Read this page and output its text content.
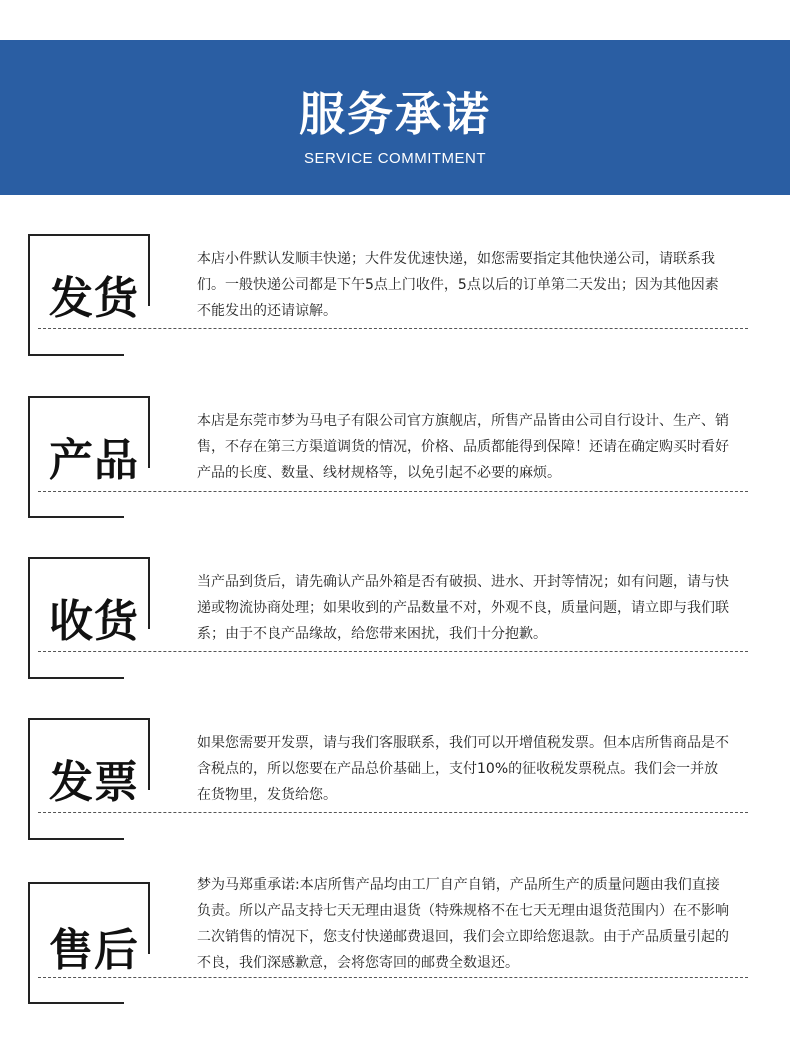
服务承诺
SERVICE COMMITMENT
发货
本店小件默认发顺丰快递；大件发优速快递，如您需要指定其他快递公司，请联系我们。一般快递公司都是下午5点上门收件，5点以后的订单第二天发出；因为其他因素不能发出的还请谅解。
产品
本店是东莞市梦为马电子有限公司官方旗舰店，所售产品皆由公司自行设计、生产、销售，不存在第三方渠道调货的情况，价格、品质都能得到保障！还请在确定购买时看好产品的长度、数量、线材规格等，以免引起不必要的麻烦。
收货
当产品到货后，请先确认产品外箱是否有破损、进水、开封等情况；如有问题，请与快递或物流协商处理；如果收到的产品数量不对，外观不良，质量问题，请立即与我们联系；由于不良产品缘故，给您带来困扰，我们十分抱歉。
发票
如果您需要开发票，请与我们客服联系，我们可以开增值税发票。但本店所售商品是不含税点的，所以您要在产品总价基础上，支付10%的征收税发票税点。我们会一并放在货物里，发货给您。
售后
梦为马郑重承诺:本店所售产品均由工厂自产自销，产品所生产的质量问题由我们直接负责。所以产品支持七天无理由退货（特殊规格不在七天无理由退货范围内）在不影响二次销售的情况下，您支付快递邮费退回，我们会立即给您退款。由于产品质量引起的不良，我们深感歉意，会将您寄回的邮费全数退还。
